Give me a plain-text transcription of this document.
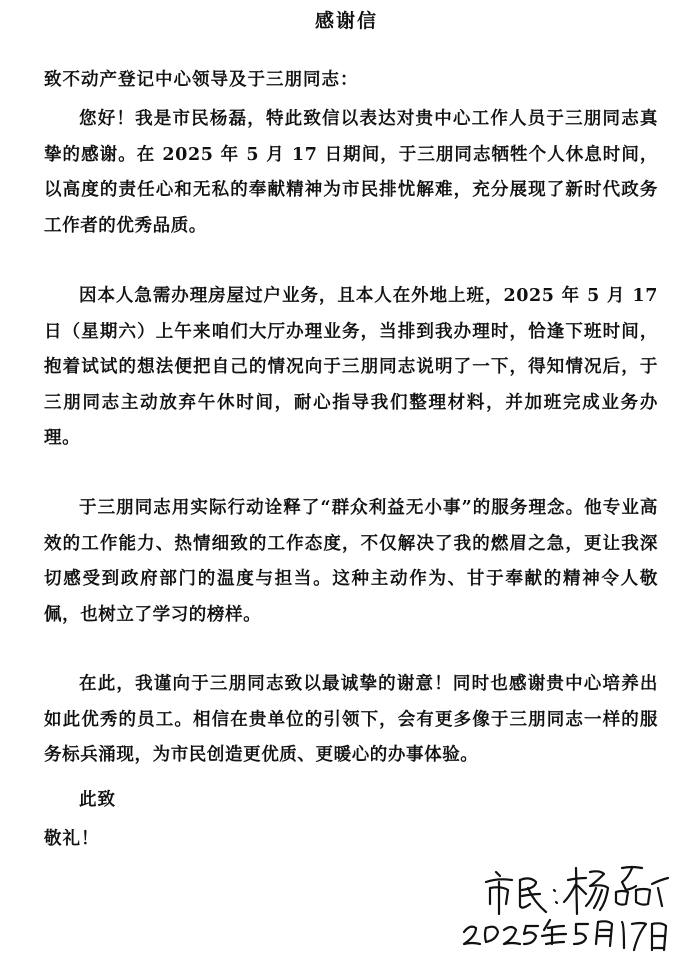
感谢信
致不动产登记中心领导及于三朋同志：

您好！我是市民杨磊，特此致信以表达对贵中心工作人员于三朋同志真挚的感谢。在 2025 年 5 月 17 日期间，于三朋同志牺牲个人休息时间，以高度的责任心和无私的奉献精神为市民排忧解难，充分展现了新时代政务工作者的优秀品质。

因本人急需办理房屋过户业务，且本人在外地上班，2025 年 5 月 17 日（星期六）上午来咱们大厅办理业务，当排到我办理时，恰逢下班时间，抱着试试的想法便把自己的情况向于三朋同志说明了一下，得知情况后，于三朋同志主动放弃午休时间，耐心指导我们整理材料，并加班完成业务办理。

于三朋同志用实际行动诠释了“群众利益无小事”的服务理念。他专业高效的工作能力、热情细致的工作态度，不仅解决了我的燃眉之急，更让我深切感受到政府部门的温度与担当。这种主动作为、甘于奉献的精神令人敬佩，也树立了学习的榜样。

在此，我谨向于三朋同志致以最诚挚的谢意！同时也感谢贵中心培养出如此优秀的员工。相信在贵单位的引领下，会有更多像于三朋同志一样的服务标兵涌现，为市民创造更优质、更暖心的办事体验。

此致
敬礼！
